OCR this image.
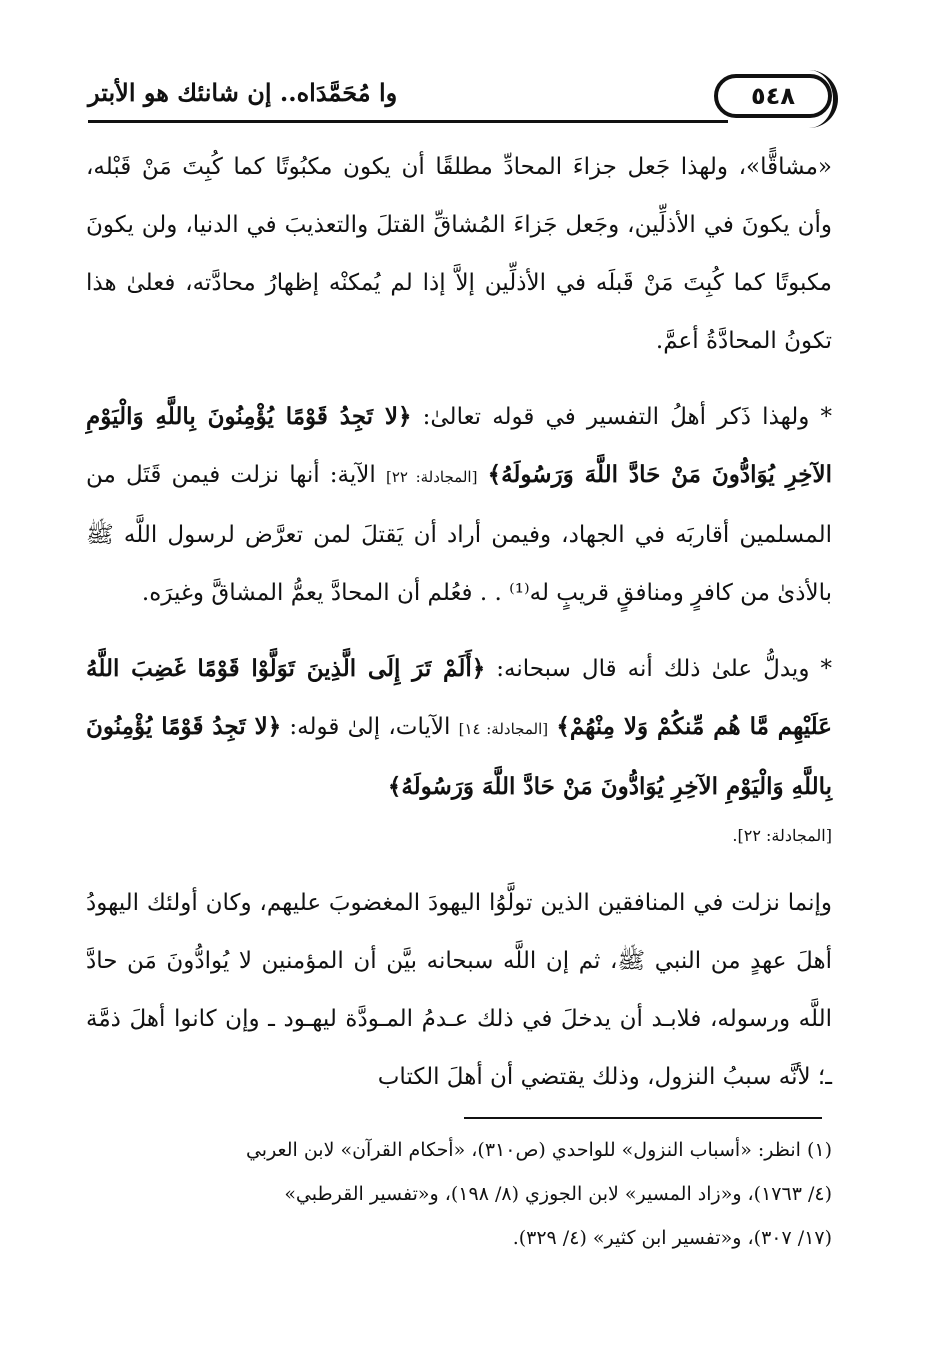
٥٤٨
وا مُحَمَّدَاه.. إن شانئك هو الأبتر

«مشاقًّا»، ولهذا جَعل جزاءَ المحادِّ مطلقًا أن يكون مكبُوتًا كما كُبِتَ مَنْ قَبْله، وأن يكونَ في الأذلِّين، وجَعل جَزاءَ المُشاقِّ القتلَ والتعذيبَ في الدنيا، ولن يكونَ مكبوتًا كما كُبِتَ مَنْ قَبلَه في الأذلِّين إلاَّ إذا لم يُمكنْه إظهارُ محادَّته، فعلىٰ هذا تكونُ المحادَّةُ أعمَّ.

* ولهذا ذَكر أهلُ التفسير في قوله تعالىٰ: ﴿لا تَجِدُ قَوْمًا يُؤْمِنُونَ بِاللَّهِ وَالْيَوْمِ الآخِرِ يُوَادُّونَ مَنْ حَادَّ اللَّهَ وَرَسُولَهُ﴾ [المجادلة: ٢٢] الآية: أنها نزلت فيمن قَتَل من المسلمين أقاربَه في الجهاد، وفيمن أراد أن يَقتلَ لمن تعرَّض لرسول اللَّه ﷺ بالأذىٰ من كافرٍ ومنافقٍ قريبٍ له⁽¹⁾ . . فعُلم أن المحادَّ يعمُّ المشاقَّ وغيرَه.

* ويدلُّ علىٰ ذلك أنه قال سبحانه: ﴿أَلَمْ تَرَ إِلَى الَّذِينَ تَوَلَّوْا قَوْمًا غَضِبَ اللَّهُ عَلَيْهِم مَّا هُم مِّنكُمْ وَلا مِنْهُمْ﴾ [المجادلة: ١٤] الآيات، إلىٰ قوله: ﴿لا تَجِدُ قَوْمًا يُؤْمِنُونَ بِاللَّهِ وَالْيَوْمِ الآخِرِ يُوَادُّونَ مَنْ حَادَّ اللَّهَ وَرَسُولَهُ﴾

[المجادلة: ٢٢].

وإنما نزلت في المنافقين الذين تولَّوُا اليهودَ المغضوبَ عليهم، وكان أولئك اليهودُ أهلَ عهدٍ من النبي ﷺ، ثم إن اللَّه سبحانه بيَّن أن المؤمنين لا يُوادُّونَ مَن حادَّ اللَّه ورسوله، فلابـد أن يدخلَ في ذلك عـدمُ المـودَّة ليهـود ـ وإن كانوا أهلَ ذمَّة ـ؛ لأنَّه سببُ النزول، وذلك يقتضي أن أهلَ الكتاب

(١) انظر: «أسباب النزول» للواحدي (ص٣١٠)، «أحكام القرآن» لابن العربي

(٤/ ١٧٦٣)، و«زاد المسير» لابن الجوزي (٨/ ١٩٨)، و«تفسير القرطبي»

(١٧/ ٣٠٧)، و«تفسير ابن كثير» (٤/ ٣٢٩).
